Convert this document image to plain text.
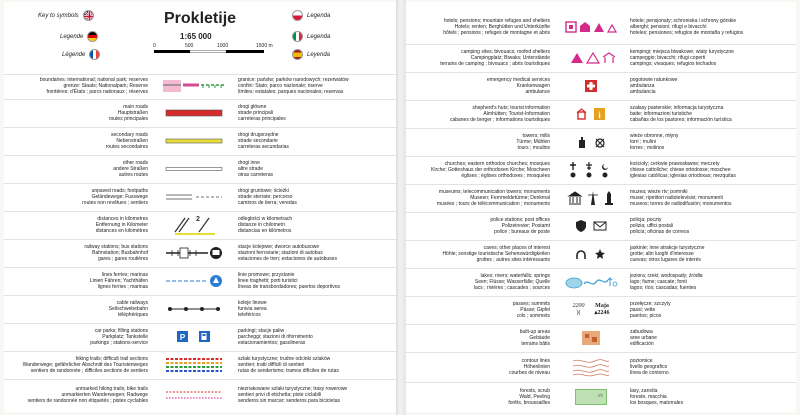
Key to symbols
Legende
Légende
Prokletije
1:65 000
0	500	1000	1500 m
Legenda
Legenda
Leyenda
boundaries: international; national park; reserves
grenze: Staats; Nationalpark; Reserve
frontières: d'États ; parcs nationaux ; réserves
granice: państw; parków narodowych; rezerwatów
confini: Stato; parco nazionale; riserve
límites: estatales; parques nacionales; reservas
main roads
Hauptstraßen
routes principales
drogi główne
strade principali
carreteras principales
secondary roads
Nebenstraßen
routes secondaires
drogi drugorzędne
strade secondarie
carreteras secundarias
other roads
andere Straßen
autres routes
drogi inne
altre strade
otras carreteras
unpaved roads; footpaths
Geländewege; Fusswege
routes non revêtues ; sentiers
drogi gruntowe; ścieżki
strade sterrate; percorso
caminos de tierra; veredas
distances in kilometres
Entfernung in Kilometer
distances en kilomètres
2	odległości w kilometrach
distanze in chilometri
distancias en kilómetros
railway stations; bus stations
Bahnstation; Busbahnhof
gares ; gares routières
stacje kolejowe; dworce autobusowe
stazioni ferroviarie; stazioni di autobus
estaciones de tren; estaciones de autobuses
lines ferries; marinas
Linien Fähren; Yachthäfen
lignes ferries ; marinas
linie promowe; przystanie
linee traghetti; porti turistici
líneas de transbordadores; puertos deportivos
cable railways
Seilschwebebahn
téléphériques
koleje linowe
funivia aerea
teleféricos
car parks; filling stations
Parkplatz; Tankstelle
parkings ; stations-service
P
parkingi; stacje paliw
parcheggi; stazioni di rifornimento
estacionamientos; gasolineras
hiking trails; difficult trail sections
Wanderwege; gefährlicher Abschnitt des Touristenweges
sentiers de randonnée ; difficiles sections de sentiers
szlaki turystyczne; trudne odcinki szlaków
sentieri; tratti difficili di sentieri
rutas de senderismo; tramos difíciles de rutas
unmarked hiking trails; bike trails
unmarkierten Wanderwegen; Radwege
sentiers de randonnée non étiquetés ; pistes cyclables
nieznakowane szlaki turystyczne; trasy rowerowe
sentieri privi di etichetta; piste ciclabili
senderos sin marcar; senderos para bicicletas
hotels; pensions; mountain refuges and shelters
Hotels; renten; Berghütten und Unterkünfte
hôtels ; pensions ; refuges de montagne et abris
hotele; pensjonaty; schroniska i schrony górskie
alberghi; pensioni; rifugi e bivacchi
hoteles; pensiones; refugios de montaña y refugios
camping sites; bivouacs; roofed shelters
Campingplatz; Biwaks; Unterstände
terrains de camping ; bivouacs ; abris touristiques
kempingi; miejsca biwakowe; wiaty turystyczne
campeggio; bivacchi; rifugi coperti
campings; vivaques; refugios techados
emergency medical services
Krankenwagen
ambulance
pogotowie ratunkowe
ambulanza
ambulancia
shepherd's huts; tourist information
Almhütten; Tourist-Information
cabanes de berger ; informations touristiques
i
szałasy pasterskie; informacja turystyczna
baite; informazioni turistiche
cabañas de los pastores; información turística
towers; mills
Türme; Mühlen
tours ; moulins
wieże obronne, młyny
torri ; mulini
torres ; molinos
churches; eastern orthodox churches; mosques
Kirche; Gotteshaus der orthodoxen Kirche; Moscheen
églises ; églises orthodoxes ; mosquées
kościoły; cerkwie prawosławne; meczety
chiese cattoliche; chiese ortodosse; moschee
iglesias católicas; iglesias ortodoxas; mezquitas
museums; telecommunication towers; monuments
Museen; Fernmeldetürme; Denkmal
musées ; tours de télécommunication ; monuments
muzea; wieże rtv; pomniki
musei; ripetitori radiotelevisivi; monumenti
museos; torres de radiodifusión; monumentos
police stations; post offices
Polizeirevier; Postamt
police ; bureaux de poste
policja; poczty
polizia; uffici postali
policía; oficinas de correos
caves; other places of interest
Höhle; sonstige touristische Sehenswürdigkeiten
grottes ; autres sites intéressants
jaskinie; inne atrakcje turystyczne
grotte; altri luoghi d'interesse
cuevas; otros lugares de interés
lakes; rivers; waterfalls; springs
Seen; Flüsse; Wasserfälle; Quelle
lacs ; rivières ; cascades ; sources
jeziora; rzeki; wodospady; źródła
lago; fiume; cascate; fonti
lagos; ríos; cascadas; fuentes
passes; summits
Pässe; Gipfel
cols ; sommets
2200
)(
Maja
▴2246
przełęcze; szczyty
passi; vette
puertos; picos
built-up areas
Gebäude
terrains bâtis
zabudowa
aree urbane
edificación
contour lines
Höhenlinien
courbes de niveau
poziomice
livello geografico
línea de contorno
forests, scrub
Wald, Peeling
forêts, broussailles
ris
lasy, zarośla
foreste, macchia
los bosques, matorrales
